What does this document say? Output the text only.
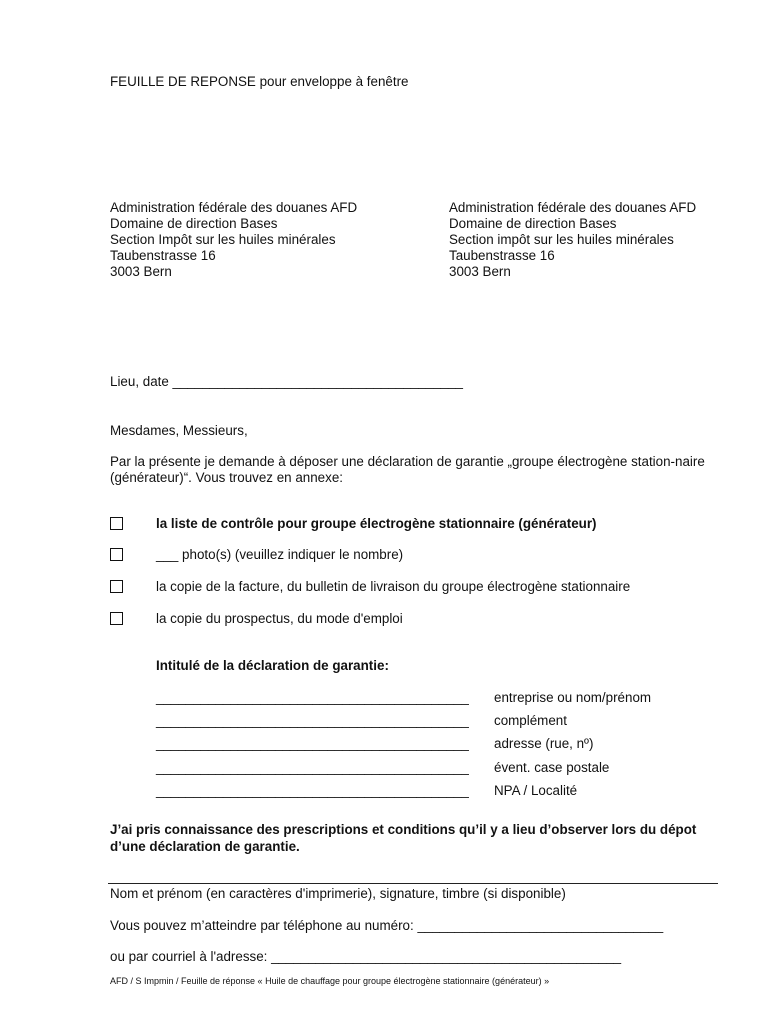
FEUILLE DE REPONSE pour enveloppe à fenêtre
Administration fédérale des douanes AFD
Domaine de direction Bases
Section Impôt sur les huiles minérales
Taubenstrasse 16
3003 Bern
Administration fédérale des douanes AFD
Domaine de direction Bases
Section impôt sur les huiles minérales
Taubenstrasse 16
3003 Bern
Lieu, date _______________________________________
Mesdames, Messieurs,
Par la présente je demande à déposer une déclaration de garantie „groupe électrogène station-naire (générateur)“. Vous trouvez en annexe:
la liste de contrôle pour groupe électrogène stationnaire (générateur)
___ photo(s) (veuillez indiquer le nombre)
la copie de la facture, du bulletin de livraison du groupe électrogène stationnaire
la copie du prospectus, du mode d'emploi
Intitulé de la déclaration de garantie:
__________________________________________ entreprise ou nom/prénom
__________________________________________ complément
__________________________________________ adresse (rue, nº)
__________________________________________ évent. case postale
__________________________________________ NPA / Localité
J’ai pris connaissance des prescriptions et conditions qu’il y a lieu d’observer lors du dépot d’une déclaration de garantie.
Nom et prénom (en caractères d'imprimerie), signature, timbre (si disponible)
Vous pouvez m’atteindre par téléphone au numéro: _________________________________
ou par courriel à l'adresse: _______________________________________________
AFD / S Impmin / Feuille de réponse « Huile de chauffage pour groupe électrogène stationnaire (générateur) »
